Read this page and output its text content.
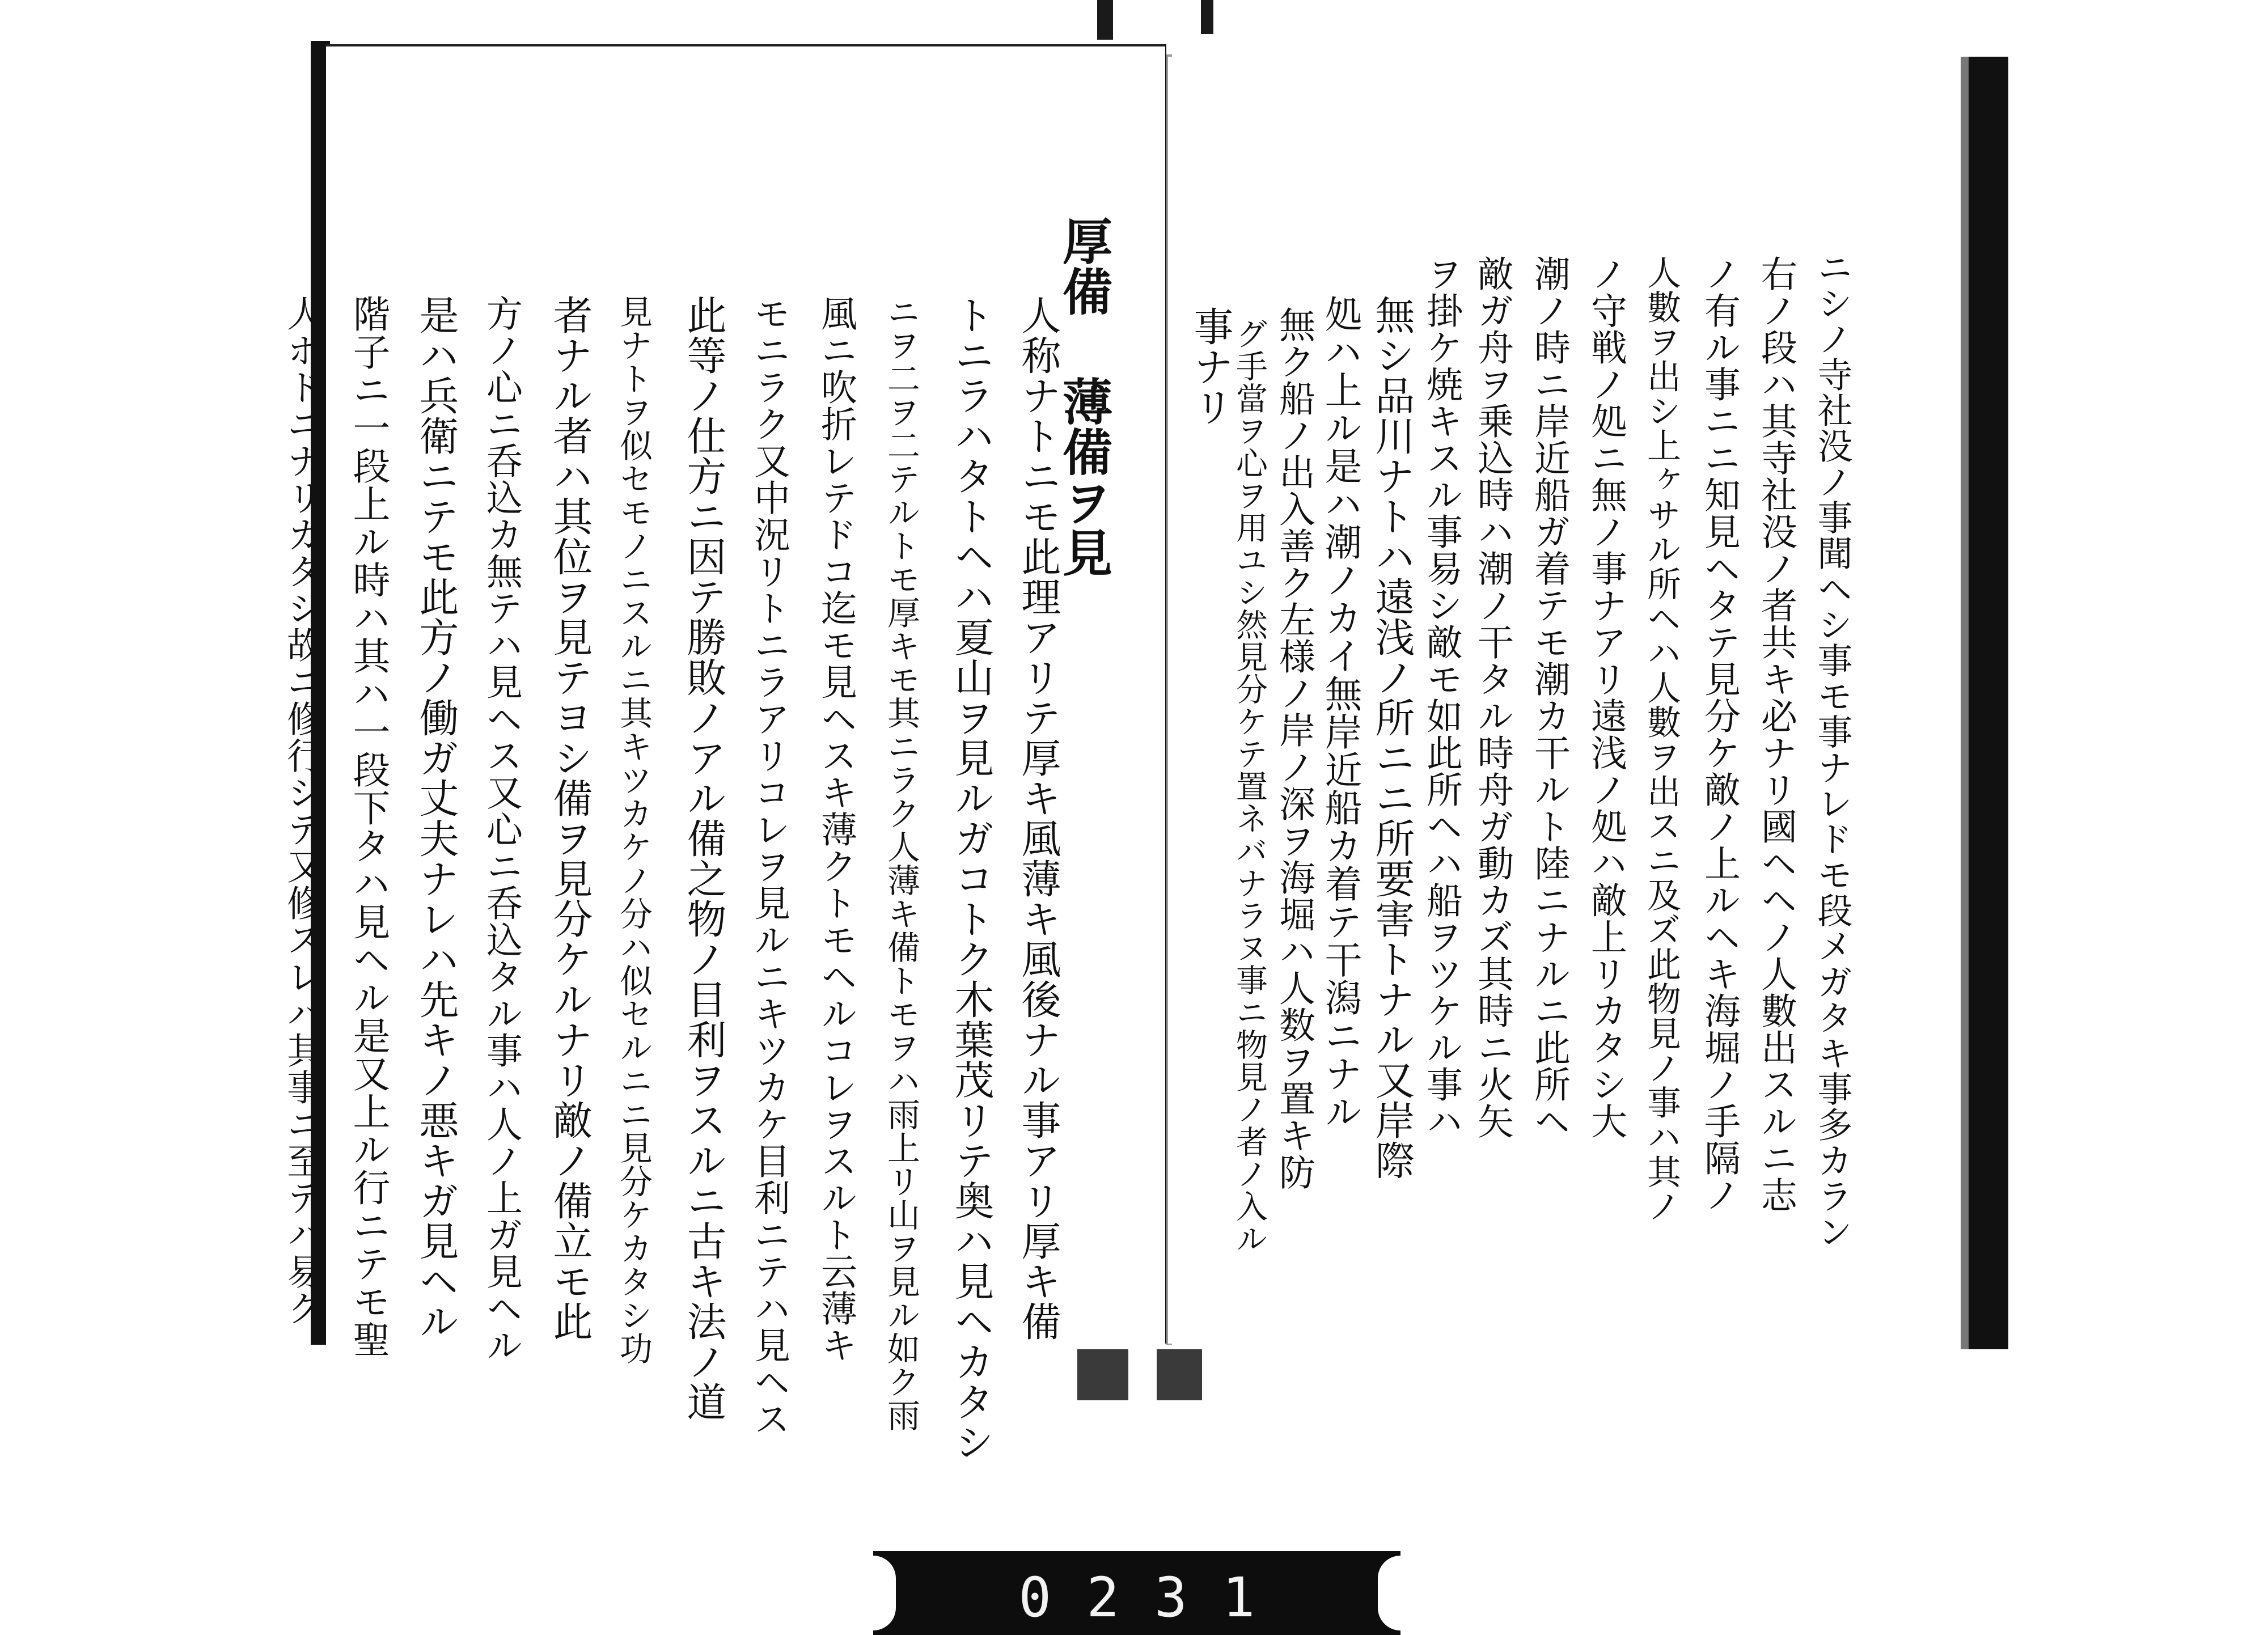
厚備 薄備ヲ見
人称ナトニモ此理アリテ厚キ風薄キ風後ナル事アリ厚キ備
トニラハタトヘハ夏山ヲ見ルガコトク木葉茂リテ奥ハ見ヘカタシ
ニヲ二ヲ二テルトモ厚キモ其ニラク人薄キ備トモヲハ雨上リ山ヲ見ル如ク雨
風ニ吹折レテドコ迄モ見ヘスキ薄クトモヘルコレヲスルト云薄キ
モニラク又中況リトニラアリコレヲ見ルニキツカケ目利ニテハ見ヘス
此等ノ仕方ニ因テ勝敗ノアル備之物ノ目利ヲスルニ古キ法ノ道
見ナトヲ似セモノニスルニ其キツカケノ分ハ似セルニニ見分ケカタシ功
者ナル者ハ其位ヲ見テヨシ備ヲ見分ケルナリ敵ノ備立モ此
方ノ心ニ呑込カ無テハ見ヘス又心ニ呑込タル事ハ人ノ上ガ見ヘル
是ハ兵衛ニテモ此方ノ働ガ丈夫ナレハ先キノ悪キガ見ヘル
階子ニ一段上ル時ハ其ハ一段下タハ見ヘル是又上ル行ニテモ聖
人ホドニナリカタシ故ニ修行シテ又修スレバ其事ニ至テハ易ク	ニシノ寺社没ノ事聞ヘシ事モ事ナレドモ段メガタキ事多カラン
右ノ段ハ其寺社没ノ者共キ必ナリ國ヘヘノ人數出スルニ志
ノ有ル事ニニ知見ヘタテ見分ケ敵ノ上ルヘキ海堀ノ手隔ノ
人數ヲ出シ上ヶサル所ヘハ人數ヲ出スニ及ズ此物見ノ事ハ其ノ
ノ守戦ノ処ニ無ノ事ナアリ遠浅ノ処ハ敵上リカタシ大
潮ノ時ニ岸近船ガ着テモ潮カ干ルト陸ニナルニ此所ヘ
敵ガ舟ヲ乗込時ハ潮ノ干タル時舟ガ動カズ其時ニ火矢
ヲ掛ケ焼キスル事易シ敵モ如此所ヘハ船ヲツケル事ハ
無シ品川ナトハ遠浅ノ所ニニ所要害トナル又岸際
処ハ上ル是ハ潮ノカイ無岸近船カ着テ干潟ニナル
無ク船ノ出入善ク左様ノ岸ノ深ヲ海堀ハ人数ヲ置キ防
0231
グ手當ヲ心ヲ用ユシ然見分ケテ置ネバナラヌ事ニ物見ノ者ノ入ル
事ナリ
